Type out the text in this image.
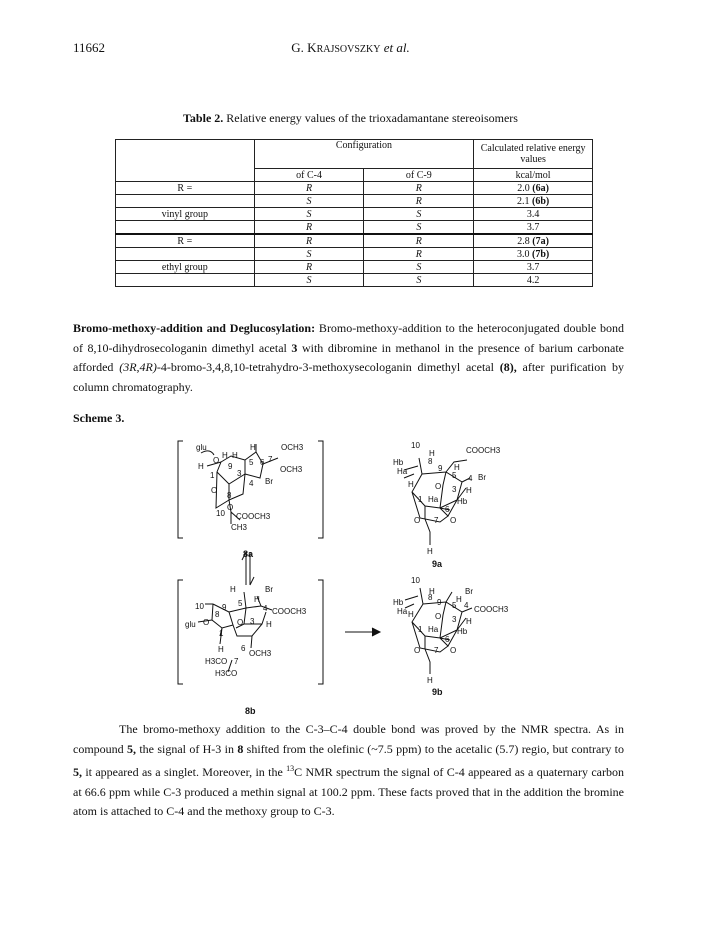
11662	G. KRAJSOVSZKY et al.
Table 2. Relative energy values of the trioxadamantane stereoisomers
	Configuration		Calculated relative energy
values
	of C-4	of C-9	kcal/mol
R =	R	R	2.0 (6a)
	S	R	2.1 (6b)
vinyl group	S	S	3.4
	R	S	3.7
R =	R	R	2.8 (7a)
	S	R	3.0 (7b)
ethyl group	R	S	3.7
	S	S	4.2

Bromo-methoxy-addition and Deglucosylation: Bromo-methoxy-addition to the heteroconjugated double bond of 8,10-dihydrosecologanin dimethyl acetal 3 with dibromine in methanol in the presence of barium carbonate afforded (3R,4R)-4-bromo-3,4,8,10-tetrahydro-3-methoxysecologanin dimethyl acetal (8), after purification by column chromatography.

Scheme 3.
glu
O
H	OCH3
H H
9 5 6 7
OCH3
H
1	3
4 Br
O
8
O
10 COOCH3
CH3
8a
10
Hb
Ha
H	COOCH3
8
9 H
5 4 Br
H	O 3 H
1 Ha Hb
6
O 7 O
H
9a
H	Br
H
10 9 5
4 COOCH3
glu O
8
O 3 H
1
H 6
OCH3
H3CO 7
H3CO
8b
10
Hb
Ha
H	Br
H
8
9 5 4 COOCH3
H	O 3 H
1 Ha Hb
6
O 7 O
H
9b

The bromo-methoxy addition to the C-3–C-4 double bond was proved by the NMR spectra. As in compound 5, the signal of H-3 in 8 shifted from the olefinic (~7.5 ppm) to the acetalic (5.7) regio, but contrary to 5, it appeared as a singlet. Moreover, in the $^{13}$C NMR spectrum the signal of C-4 appeared as a quaternary carbon at 66.6 ppm while C-3 produced a methin signal at 100.2 ppm. These facts proved that in the addition the bromine atom is attached to C-4 and the methoxy group to C-3.
